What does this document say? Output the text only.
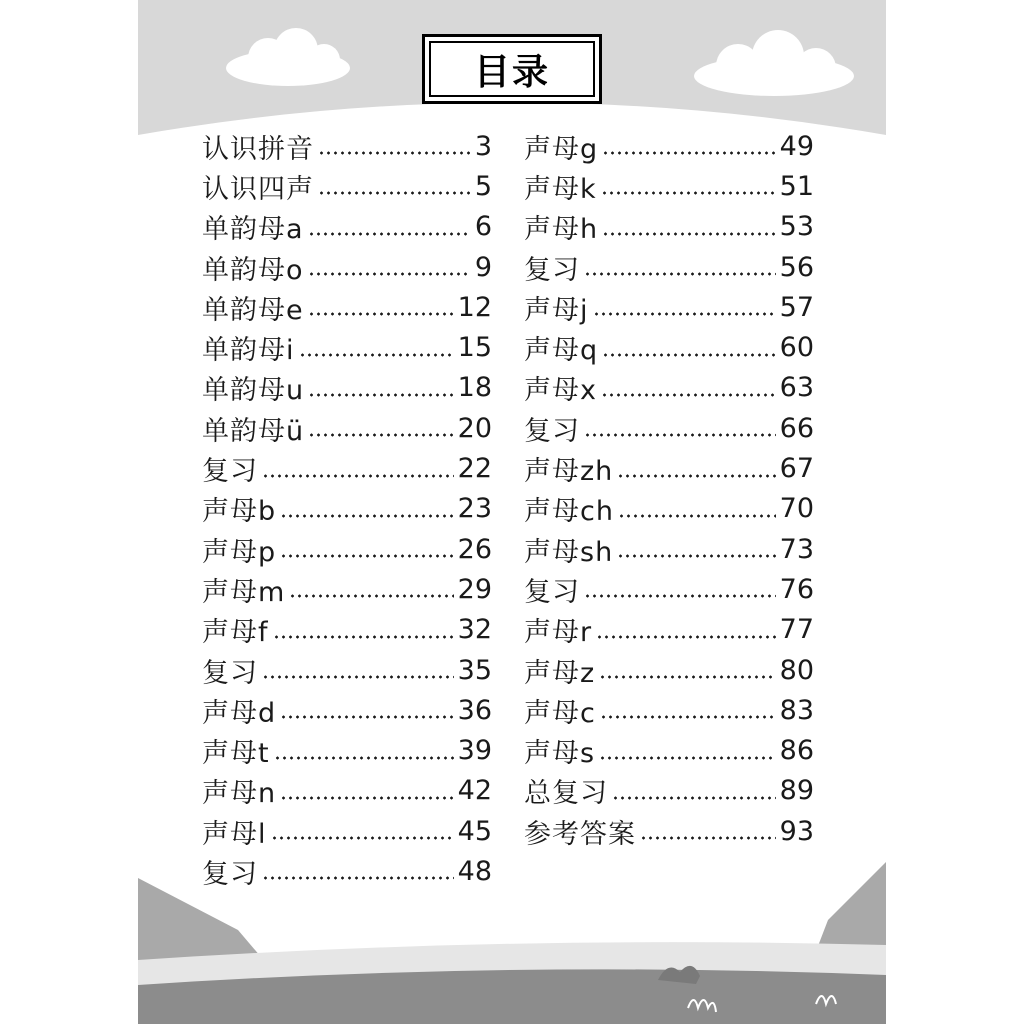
目录
认识拼音	3
认识四声	5
单韵母a	6
单韵母o	9
单韵母e	12
单韵母i	15
单韵母u	18
单韵母ü	20
复习	22
声母b	23
声母p	26
声母m	29
声母f	32
复习	35
声母d	36
声母t	39
声母n	42
声母l	45
复习	48
声母g	49
声母k	51
声母h	53
复习	56
声母j	57
声母q	60
声母x	63
复习	66
声母zh	67
声母ch	70
声母sh	73
复习	76
声母r	77
声母z	80
声母c	83
声母s	86
总复习	89
参考答案	93
